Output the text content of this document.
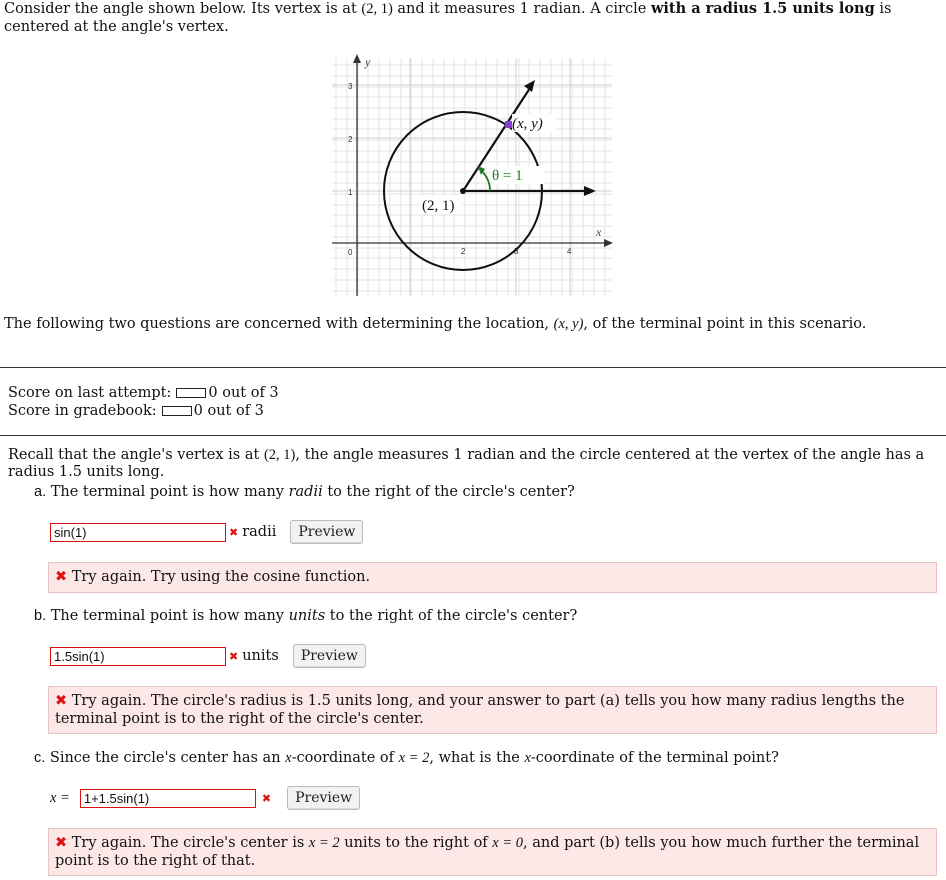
Consider the angle shown below. Its vertex is at (2, 1) and it measures 1 radian. A circle with a radius 1.5 units long is centered at the angle's vertex.
y
x
3
2
1
0	2	3	4
(2, 1)
(x, y)
θ = 1
The following two questions are concerned with determining the location, (x, y), of the terminal point in this scenario.
Score on last attempt:	0 out of 3
Score in gradebook:	0 out of 3
Recall that the angle's vertex is at (2, 1), the angle measures 1 radian and the circle centered at the vertex of the angle has a radius 1.5 units long.
a. The terminal point is how many radii to the right of the circle's center?
sin(1)
✖ radii	Preview
✖ Try again. Try using the cosine function.
b. The terminal point is how many units to the right of the circle's center?
1.5sin(1)
✖ units	Preview
✖ Try again. The circle's radius is 1.5 units long, and your answer to part (a) tells you how many radius lengths the terminal point is to the right of the circle's center.
c. Since the circle's center has an x-coordinate of x = 2, what is the x-coordinate of the terminal point?
x =
1+1.5sin(1)	✖	Preview
✖ Try again. The circle's center is x = 2 units to the right of x = 0, and part (b) tells you how much further the terminal point is to the right of that.
